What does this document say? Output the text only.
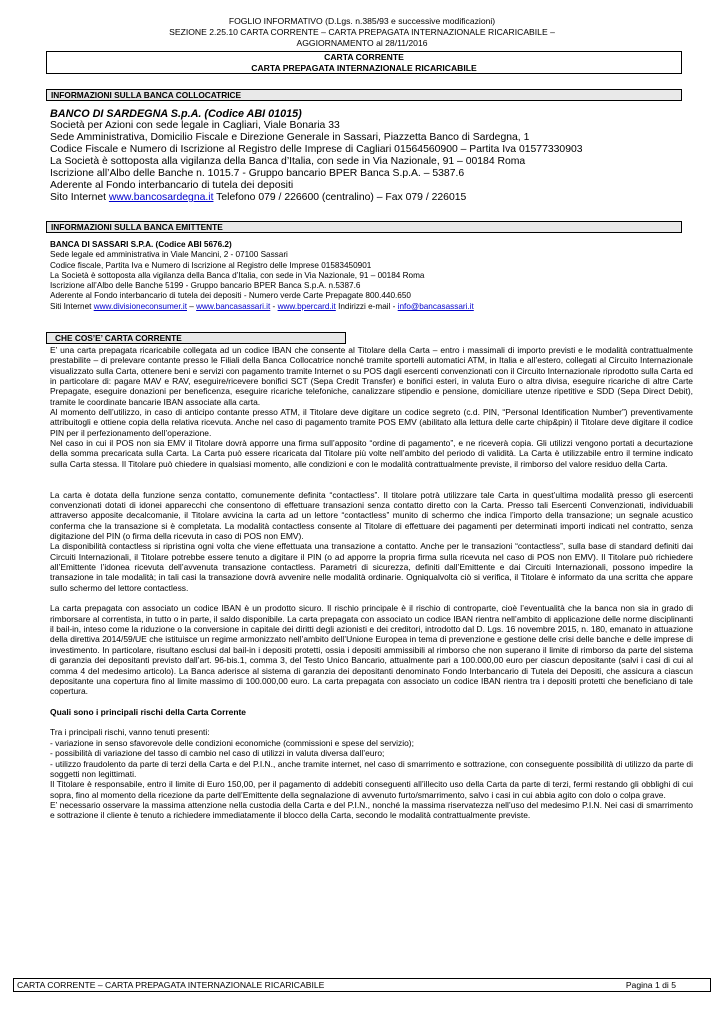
FOGLIO INFORMATIVO (D.Lgs. n.385/93 e successive modificazioni)
SEZIONE 2.25.10 CARTA CORRENTE – CARTA PREPAGATA INTERNAZIONALE RICARICABILE –
AGGIORNAMENTO al 28/11/2016
CARTA CORRENTE
CARTA PREPAGATA INTERNAZIONALE RICARICABILE
INFORMAZIONI SULLA BANCA COLLOCATRICE
BANCO DI SARDEGNA S.p.A. (Codice ABI 01015)
Società per Azioni con sede legale in Cagliari, Viale Bonaria 33
Sede Amministrativa, Domicilio Fiscale e Direzione Generale in Sassari, Piazzetta Banco di Sardegna, 1
Codice Fiscale e Numero di Iscrizione al Registro delle Imprese di Cagliari 01564560900 – Partita Iva 01577330903
La Società è sottoposta alla vigilanza della Banca d’Italia, con sede in Via Nazionale, 91 – 00184 Roma
Iscrizione all’Albo delle Banche n. 1015.7 - Gruppo bancario BPER Banca S.p.A. – 5387.6
Aderente al Fondo interbancario di tutela dei depositi
Sito Internet www.bancosardegna.it Telefono 079 / 226600 (centralino) – Fax 079 / 226015
INFORMAZIONI SULLA BANCA EMITTENTE
BANCA DI SASSARI S.P.A. (Codice ABI 5676.2)
Sede legale ed amministrativa in Viale Mancini, 2 - 07100 Sassari
Codice fiscale, Partita Iva e Numero di Iscrizione al Registro delle Imprese 01583450901
La Società è sottoposta alla vigilanza della Banca d’Italia, con sede in Via Nazionale, 91 – 00184 Roma
Iscrizione all’Albo delle Banche 5199 - Gruppo bancario BPER Banca S.p.A. n.5387.6
Aderente al Fondo interbancario di tutela dei depositi - Numero verde Carte Prepagate 800.440.650
Siti Internet www.divisioneconsumer.it – www.bancasassari.it - www.bpercard.it Indirizzi e-mail - info@bancasassari.it
CHE COS’E’ CARTA CORRENTE

E’ una carta prepagata ricaricabile collegata ad un codice IBAN che consente al Titolare della Carta – entro i massimali di importo previsti e le modalità contrattualmente prestabilite – di prelevare contante presso le Filiali della Banca Collocatrice nonché tramite sportelli automatici ATM, in Italia e all’estero, collegati al Circuito Internazionale visualizzato sulla Carta, ottenere beni e servizi con pagamento tramite Internet o su POS dagli esercenti convenzionati con il Circuito Internazionale riprodotto sulla Carta ed in particolare di: pagare MAV e RAV, eseguire/ricevere bonifici SCT (Sepa Credit Transfer) e bonifici esteri, in valuta Euro o altra divisa, eseguire ricariche di altre Carte Prepagate, eseguire donazioni per beneficenza, eseguire ricariche telefoniche, canalizzare stipendio e pensione, domiciliare utenze ripetitive e SDD (Sepa Direct Debit), tramite le coordinate bancarie IBAN associate alla carta.

Al momento dell’utilizzo, in caso di anticipo contante presso ATM, il Titolare deve digitare un codice segreto (c.d. PIN, “Personal Identification Number”) preventivamente attribuitogli e ottiene copia della relativa ricevuta. Anche nel caso di pagamento tramite POS EMV (abilitato alla lettura delle carte chip&pin) il Titolare deve digitare il codice PIN per il perfezionamento dell’operazione.

Nel caso in cui il POS non sia EMV il Titolare dovrà apporre una firma sull’apposito “ordine di pagamento”, e ne riceverà copia. Gli utilizzi vengono portati a decurtazione della somma precaricata sulla Carta. La Carta può essere ricaricata dal Titolare più volte nell’ambito del periodo di validità. La Carta è utilizzabile entro il termine indicato sulla Carta stessa. Il Titolare può chiedere in qualsiasi momento, alle condizioni e con le modalità contrattualmente previste, il rimborso del valore residuo della Carta.

La carta è dotata della funzione senza contatto, comunemente definita “contactless”. Il titolare potrà utilizzare tale Carta in quest’ultima modalità presso gli esercenti convenzionati dotati di idonei apparecchi che consentono di effettuare transazioni senza contatto diretto con la Carta. Presso tali Esercenti Convenzionati, individuabili attraverso apposite decalcomanie, il Titolare avvicina la carta ad un lettore “contactless” munito di schermo che indica l’importo della transazione; un segnale acustico conferma che la transazione si è completata. La modalità contactless consente al Titolare di effettuare dei pagamenti per determinati importi indicati nel contratto, senza digitazione del PIN (o firma della ricevuta in caso di POS non EMV).

La disponibilità contactless si ripristina ogni volta che viene effettuata una transazione a contatto. Anche per le transazioni “contactless”, sulla base di standard definiti dai Circuiti Internazionali, il Titolare potrebbe essere tenuto a digitare il PIN (o ad apporre la propria firma sulla ricevuta nel caso di POS non EMV). Il Titolare può richiedere all’Emittente l’idonea ricevuta dell’avvenuta transazione contactless. Parametri di sicurezza, definiti dall’Emittente e dai Circuiti Internazionali, possono impedire la transazione in tale modalità; in tali casi la transazione dovrà avvenire nelle modalità ordinarie. Ogniqualvolta ciò si verifica, il Titolare è informato da una scritta che appare sullo schermo del lettore contactless.

La carta prepagata con associato un codice IBAN è un prodotto sicuro. Il rischio principale è il rischio di controparte, cioè l’eventualità che la banca non sia in grado di rimborsare al correntista, in tutto o in parte, il saldo disponibile. La carta prepagata con associato un codice IBAN rientra nell’ambito di applicazione delle norme disciplinanti il bail-in, inteso come la riduzione o la conversione in capitale dei diritti degli azionisti e dei creditori, introdotto dal D. Lgs. 16 novembre 2015, n. 180, emanato in attuazione della direttiva 2014/59/UE che istituisce un regime armonizzato nell’ambito dell’Unione Europea in tema di prevenzione e gestione delle crisi delle banche e delle imprese di investimento. In particolare, risultano esclusi dal bail-in i depositi protetti, ossia i depositi ammissibili al rimborso che non superano il limite di rimborso da parte del sistema di garanzia dei depositanti previsto dall’art. 96-bis.1, comma 3, del Testo Unico Bancario, attualmente pari a 100.000,00 euro per ciascun depositante (salvi i casi di cui al comma 4 del medesimo articolo). La Banca aderisce al sistema di garanzia dei depositanti denominato Fondo Interbancario di Tutela dei Depositi, che assicura a ciascun depositante una copertura fino al limite massimo di 100.000,00 euro. La carta prepagata con associato un codice IBAN rientra tra i depositi protetti che beneficiano di tale copertura.

Quali sono i principali rischi della Carta Corrente

Tra i principali rischi, vanno tenuti presenti:

- variazione in senso sfavorevole delle condizioni economiche (commissioni e spese del servizio);

- possibilità di variazione del tasso di cambio nel caso di utilizzi in valuta diversa dall’euro;

- utilizzo fraudolento da parte di terzi della Carta e del P.I.N., anche tramite internet, nel caso di smarrimento e sottrazione, con conseguente possibilità di utilizzo da parte di soggetti non legittimati.

Il Titolare è responsabile, entro il limite di Euro 150,00, per il pagamento di addebiti conseguenti all’illecito uso della Carta da parte di terzi, fermi restando gli obblighi di cui sopra, fino al momento della ricezione da parte dell’Emittente della segnalazione di avvenuto furto/smarrimento, salvo i casi in cui abbia agito con dolo o colpa grave.

E’ necessario osservare la massima attenzione nella custodia della Carta e del P.I.N., nonché la massima riservatezza nell’uso del medesimo P.I.N. Nei casi di smarrimento e sottrazione il cliente è tenuto a richiedere immediatamente il blocco della Carta, secondo le modalità contrattualmente previste.

CARTA CORRENTE – CARTA PREPAGATA INTERNAZIONALE RICARICABILE	Pagina 1 di 5
